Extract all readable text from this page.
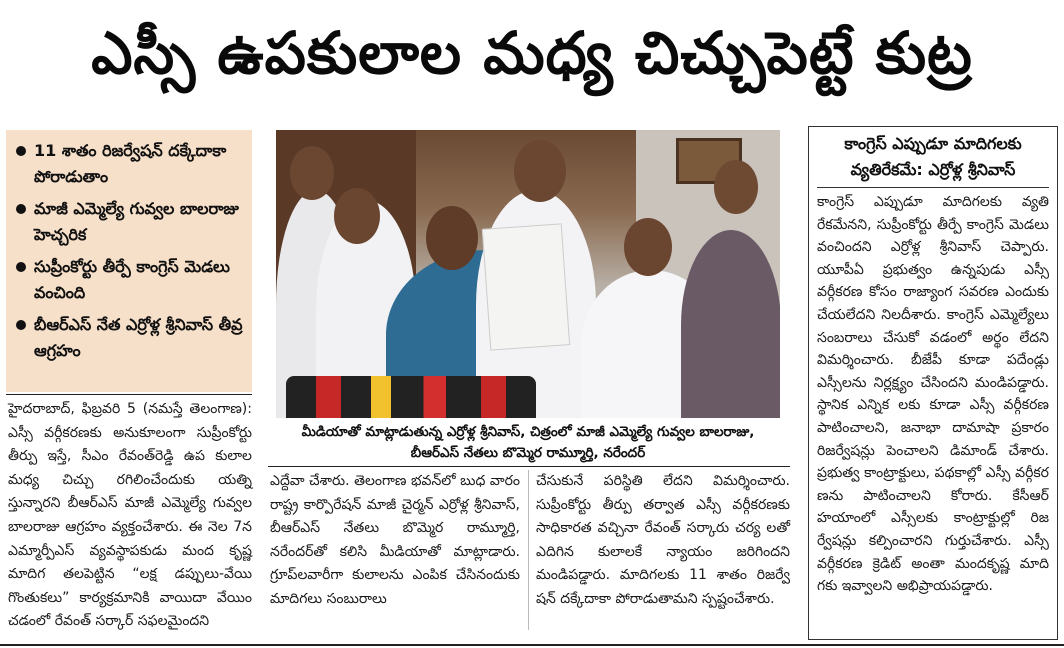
ఎస్సీ ఉపకులాల మధ్య చిచ్చుపెట్టే కుట్ర
11 శాతం రిజర్వేషన్ దక్కేదాకా పోరాడుతాం
మాజీ ఎమ్మెల్యే గువ్వల బాలరాజు హెచ్చరిక
సుప్రీంకోర్టు తీర్పే కాంగ్రెస్ మెడలు వంచింది
బీఆర్ఎస్ నేత ఎర్రోళ్ల శ్రీనివాస్ తీవ్ర ఆగ్రహం
మీడియాతో మాట్లాడుతున్న ఎర్రోళ్ల శ్రీనివాస్, చిత్రంలో మాజీ ఎమ్మెల్యే గువ్వల బాలరాజు, బీఆర్ఎస్ నేతలు బొమ్మెర రామ్మూర్తి, నరేందర్
హైదరాబాద్, ఫిబ్రవరి 5 (నమస్తే తెలంగాణ): ఎస్సీ వర్గీకరణకు అనుకూలంగా సుప్రీంకోర్టు తీర్పు ఇస్తే, సీఎం రేవంత్‌రెడ్డి ఉప కులాల మధ్య చిచ్చు రగిలించేందుకు యత్ని స్తున్నారని బీఆర్ఎస్ మాజీ ఎమ్మెల్యే గువ్వల బాలరాజు ఆగ్రహం వ్యక్తంచేశారు. ఈ నెల 7న ఎమ్మార్పీఎస్ వ్యవస్థాపకుడు మంద కృష్ణ మాదిగ తలపెట్టిన “లక్ష డప్పులు-వేయి గొంతుకలు” కార్యక్రమానికి వాయిదా వేయిం చడంలో రేవంత్ సర్కార్ సఫలమైందని
ఎద్దేవా చేశారు. తెలంగాణ భవన్‌లో బుధ వారం రాష్ట్ర కార్పొరేషన్ మాజీ చైర్మన్ ఎర్రోళ్ల శ్రీనివాస్, బీఆర్ఎస్ నేతలు బొమ్మెర రామ్మూర్తి, నరేందర్‌తో కలిసి మీడియాతో మాట్లాడారు. గ్రూప్‌లవారీగా కులాలను ఎంపిక చేసినందుకు మాదిగలు సంబురాలు
చేసుకునే పరిస్థితి లేదని విమర్శించారు. సుప్రీంకోర్టు తీర్పు తర్వాత ఎస్సీ వర్గీకరణకు సాధికారత వచ్చినా రేవంత్ సర్కారు చర్య లతో ఎదిగిన కులాలకే న్యాయం జరిగిందని మండిపడ్డారు. మాదిగలకు 11 శాతం రిజర్వే షన్ దక్కేదాకా పోరాడుతామని స్పష్టంచేశారు.
కాంగ్రెస్ ఎప్పుడూ మాదిగలకు
వ్యతిరేకమే: ఎర్రోళ్ల శ్రీనివాస్
కాంగ్రెస్ ఎప్పుడూ మాదిగలకు వ్యతి రేకమేనని, సుప్రీంకోర్టు తీర్పే కాంగ్రెస్ మెడలు వంచిందని ఎర్రోళ్ల శ్రీనివాస్ చెప్పారు. యూపీఏ ప్రభుత్వం ఉన్నపుడు ఎస్సీ వర్గీకరణ కోసం రాజ్యాంగ సవరణ ఎందుకు చేయలేదని నిలదీశారు. కాంగ్రెస్ ఎమ్మెల్యేలు సంబరాలు చేసుకో వడంలో అర్థం లేదని విమర్శించారు. బీజేపీ కూడా పదేండ్లు ఎస్సీలను నిర్లక్ష్యం చేసిందని మండిపడ్డారు. స్థానిక ఎన్నిక లకు కూడా ఎస్సీ వర్గీకరణ పాటించాలని, జనాభా దామాషా ప్రకారం రిజర్వేషన్లు పెంచాలని డిమాండ్ చేశారు. ప్రభుత్వ కాంట్రాక్టులు, పథకాల్లో ఎస్సీ వర్గీకర ణను పాటించాలని కోరారు. కేసీఆర్ హయాంలో ఎస్సీలకు కాంట్రాక్టుల్లో రిజ ర్వేషన్లు కల్పించారని గుర్తుచేశారు. ఎస్సీ వర్గీకరణ క్రెడిట్ అంతా మందకృష్ణ మాది గకు ఇవ్వాలని అభిప్రాయపడ్డారు.
